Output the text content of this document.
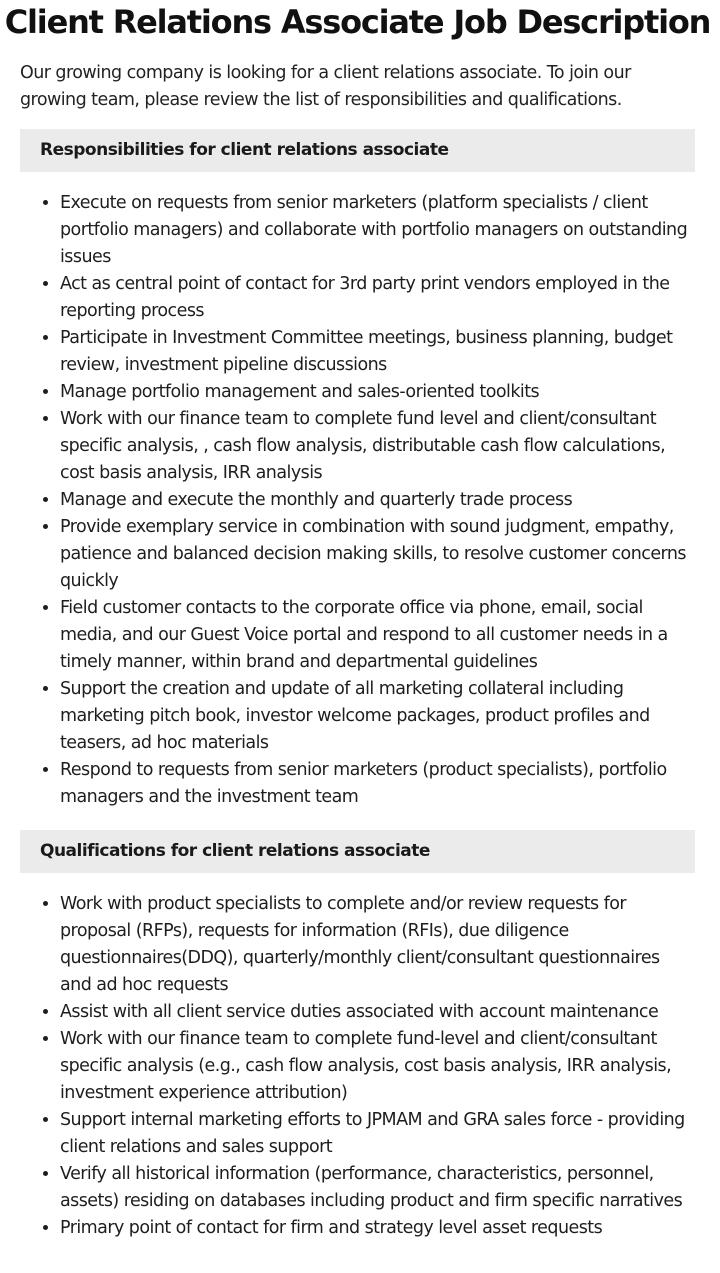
Client Relations Associate Job Description

Our growing company is looking for a client relations associate. To join our growing team, please review the list of responsibilities and qualifications.

Responsibilities for client relations associate
• Execute on requests from senior marketers (platform specialists / client portfolio managers) and collaborate with portfolio managers on outstanding issues
• Act as central point of contact for 3rd party print vendors employed in the reporting process
• Participate in Investment Committee meetings, business planning, budget review, investment pipeline discussions
• Manage portfolio management and sales-oriented toolkits
• Work with our finance team to complete fund level and client/consultant specific analysis, , cash flow analysis, distributable cash flow calculations, cost basis analysis, IRR analysis
• Manage and execute the monthly and quarterly trade process
• Provide exemplary service in combination with sound judgment, empathy, patience and balanced decision making skills, to resolve customer concerns quickly
• Field customer contacts to the corporate office via phone, email, social media, and our Guest Voice portal and respond to all customer needs in a timely manner, within brand and departmental guidelines
• Support the creation and update of all marketing collateral including marketing pitch book, investor welcome packages, product profiles and teasers, ad hoc materials
• Respond to requests from senior marketers (product specialists), portfolio managers and the investment team
Qualifications for client relations associate
• Work with product specialists to complete and/or review requests for proposal (RFPs), requests for information (RFIs), due diligence questionnaires(DDQ), quarterly/monthly client/consultant questionnaires and ad hoc requests
• Assist with all client service duties associated with account maintenance
• Work with our finance team to complete fund-level and client/consultant specific analysis (e.g., cash flow analysis, cost basis analysis, IRR analysis, investment experience attribution)
• Support internal marketing efforts to JPMAM and GRA sales force - providing client relations and sales support
• Verify all historical information (performance, characteristics, personnel, assets) residing on databases including product and firm specific narratives
• Primary point of contact for firm and strategy level asset requests
